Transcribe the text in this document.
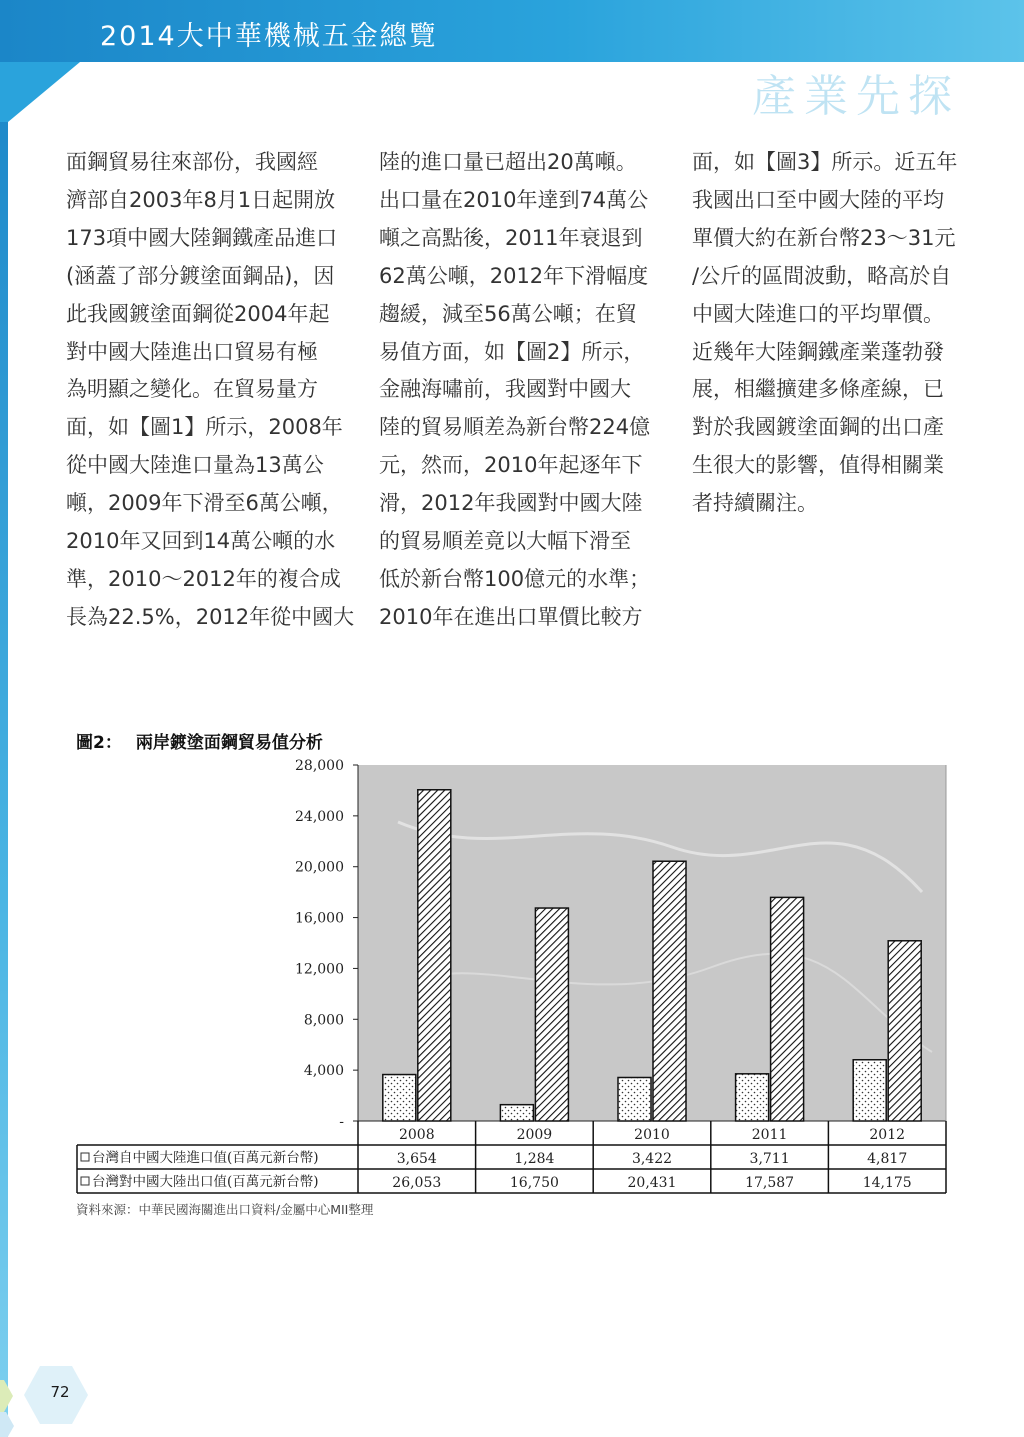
2014大中華機械五金總覽
產業先探

面鋼貿易往來部份，我國經

濟部自2003年8月1日起開放

173項中國大陸鋼鐵產品進口

(涵蓋了部分鍍塗面鋼品)，因

此我國鍍塗面鋼從2004年起

對中國大陸進出口貿易有極

為明顯之變化。在貿易量方

面，如【圖1】所示，2008年

從中國大陸進口量為13萬公

噸，2009年下滑至6萬公噸，

2010年又回到14萬公噸的水

準，2010～2012年的複合成

長為22.5%，2012年從中國大

陸的進口量已超出20萬噸。

出口量在2010年達到74萬公

噸之高點後，2011年衰退到

62萬公噸，2012年下滑幅度

趨緩，減至56萬公噸；在貿

易值方面，如【圖2】所示，

金融海嘯前，我國對中國大

陸的貿易順差為新台幣224億

元，然而，2010年起逐年下

滑，2012年我國對中國大陸

的貿易順差竟以大幅下滑至

低於新台幣100億元的水準；

2010年在進出口單價比較方

面，如【圖3】所示。近五年

我國出口至中國大陸的平均

單價大約在新台幣23～31元

/公斤的區間波動，略高於自

中國大陸進口的平均單價。

近幾年大陸鋼鐵產業蓬勃發

展，相繼擴建多條產線，已

對於我國鍍塗面鋼的出口產

生很大的影響，值得相關業

者持續關注。

圖2： 兩岸鍍塗面鋼貿易值分析
-
4,000
8,000
12,000
16,000
20,000
24,000
28,000
2008
3,654
26,053
2009
1,284
16,750
2010
3,422
20,431
2011
3,711
17,587
2012
4,817
14,175
台灣自中國大陸進口值(百萬元新台幣)
台灣對中國大陸出口值(百萬元新台幣)
資料來源：中華民國海關進出口資料/金屬中心MII整理
72
